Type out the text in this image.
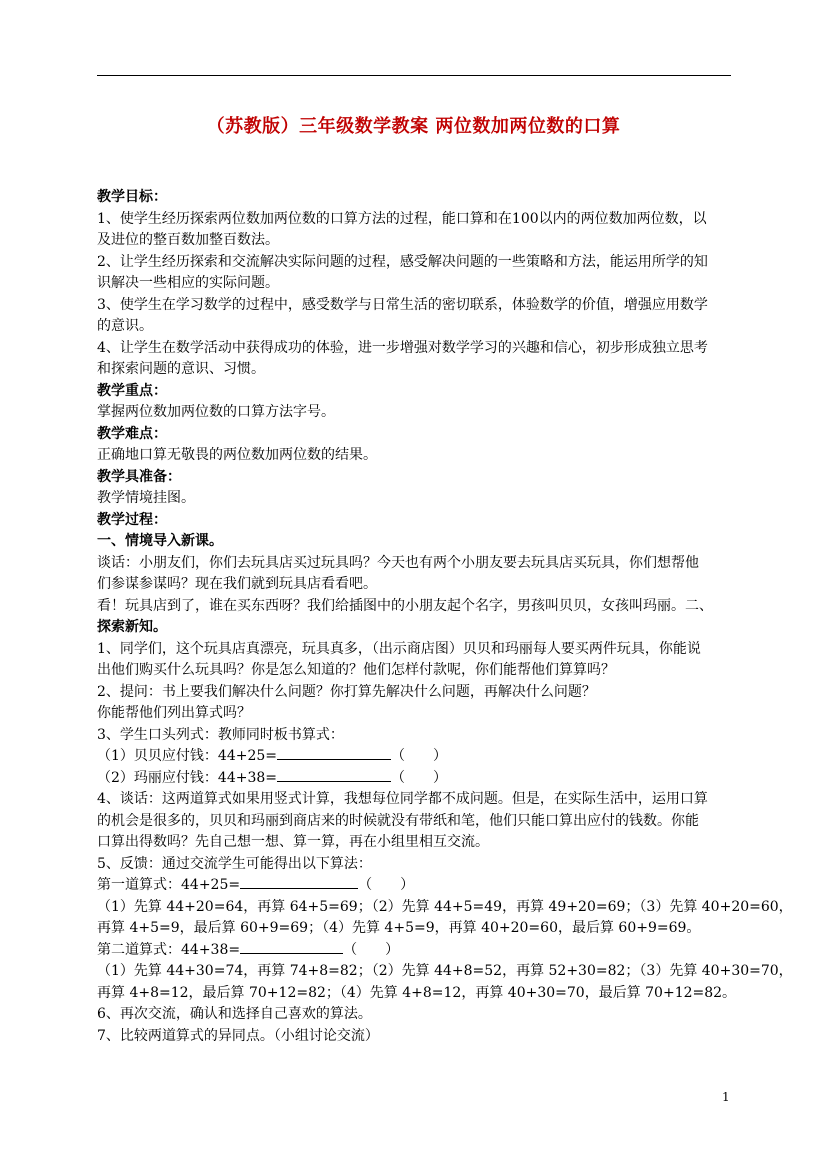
（苏教版）三年级数学教案 两位数加两位数的口算
教学目标：
1、使学生经历探索两位数加两位数的口算方法的过程，能口算和在100以内的两位数加两位数，以
及进位的整百数加整百数法。
2、让学生经历探索和交流解决实际问题的过程，感受解决问题的一些策略和方法，能运用所学的知
识解决一些相应的实际问题。
3、使学生在学习数学的过程中，感受数学与日常生活的密切联系，体验数学的价值，增强应用数学
的意识。
4、让学生在数学活动中获得成功的体验，进一步增强对数学学习的兴趣和信心，初步形成独立思考
和探索问题的意识、习惯。
教学重点：
掌握两位数加两位数的口算方法字号。
教学难点：
正确地口算无敬畏的两位数加两位数的结果。
教学具准备：
教学情境挂图。
教学过程：
一、情境导入新课。
谈话：小朋友们，你们去玩具店买过玩具吗？今天也有两个小朋友要去玩具店买玩具，你们想帮他
们参谋参谋吗？现在我们就到玩具店看看吧。
看！玩具店到了，谁在买东西呀？我们给插图中的小朋友起个名字，男孩叫贝贝，女孩叫玛丽。二、
探索新知。
1、同学们，这个玩具店真漂亮，玩具真多，（出示商店图）贝贝和玛丽每人要买两件玩具，你能说
出他们购买什么玩具吗？你是怎么知道的？他们怎样付款呢，你们能帮他们算算吗？
2、提问：书上要我们解决什么问题？你打算先解决什么问题，再解决什么问题？
你能帮他们列出算式吗？
3、学生口头列式：教师同时板书算式：
（1）贝贝应付钱：44+25=	（　　）
（2）玛丽应付钱：44+38=	（　　）
4、谈话：这两道算式如果用竖式计算，我想每位同学都不成问题。但是，在实际生活中，运用口算
的机会是很多的，贝贝和玛丽到商店来的时候就没有带纸和笔，他们只能口算出应付的钱数。你能
口算出得数吗？先自己想一想、算一算，再在小组里相互交流。
5、反馈：通过交流学生可能得出以下算法：
第一道算式：44+25=	（　　）
（1）先算 44+20=64，再算 64+5=69；（2）先算 44+5=49，再算 49+20=69；（3）先算 40+20=60，
再算 4+5=9，最后算 60+9=69；（4）先算 4+5=9，再算 40+20=60，最后算 60+9=69。
第二道算式：44+38=	（　　）
（1）先算 44+30=74，再算 74+8=82；（2）先算 44+8=52，再算 52+30=82；（3）先算 40+30=70，
再算 4+8=12，最后算 70+12=82；（4）先算 4+8=12，再算 40+30=70，最后算 70+12=82。
6、再次交流，确认和选择自己喜欢的算法。
7、比较两道算式的异同点。（小组讨论交流）
1
